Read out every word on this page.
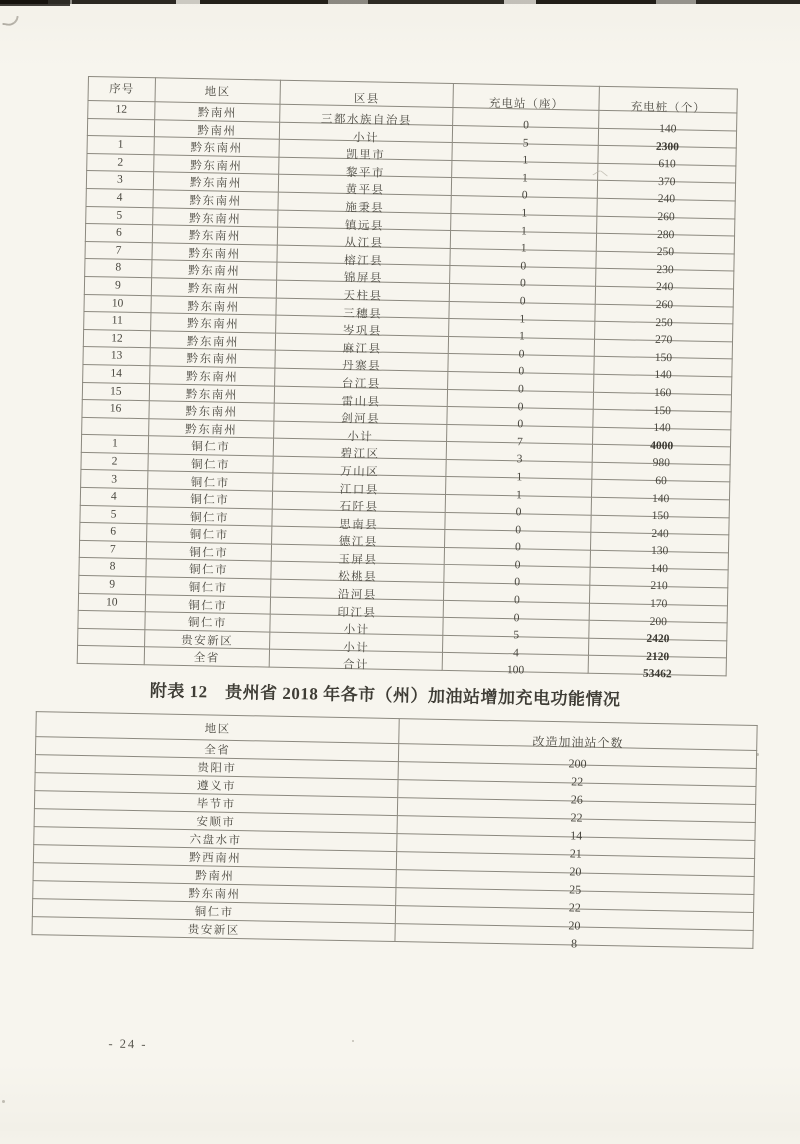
序号	地区	区县	充电站（座）	充电桩（个）
12	黔南州	三都水族自治县	0	140
	黔南州	小计	5	2300
1	黔东南州	凯里市	1	610
2	黔东南州	黎平市	1	370
3	黔东南州	黄平县	0	240
4	黔东南州	施秉县	1	260
5	黔东南州	镇远县	1	280
6	黔东南州	从江县	1	250
7	黔东南州	榕江县	0	230
8	黔东南州	锦屏县	0	240
9	黔东南州	天柱县	0	260
10	黔东南州	三穗县	1	250
11	黔东南州	岑巩县	1	270
12	黔东南州	麻江县	0	150
13	黔东南州	丹寨县	0	140
14	黔东南州	台江县	0	160
15	黔东南州	雷山县	0	150
16	黔东南州	剑河县	0	140
	黔东南州	小计	7	4000
1	铜仁市	碧江区	3	980
2	铜仁市	万山区	1	60
3	铜仁市	江口县	1	140
4	铜仁市	石阡县	0	150
5	铜仁市	思南县	0	240
6	铜仁市	德江县	0	130
7	铜仁市	玉屏县	0	140
8	铜仁市	松桃县	0	210
9	铜仁市	沿河县	0	170
10	铜仁市	印江县	0	200
	铜仁市	小计	5	2420
	贵安新区	小计	4	2120
	全省	合计	100	53462
附表 12　贵州省 2018 年各市（州）加油站增加充电功能情况
地区	改造加油站个数
全省	200
贵阳市	22
遵义市	26
毕节市	22
安顺市	14
六盘水市	21
黔西南州	20
黔南州	25
黔东南州	22
铜仁市	20
贵安新区	8
- 24 -
